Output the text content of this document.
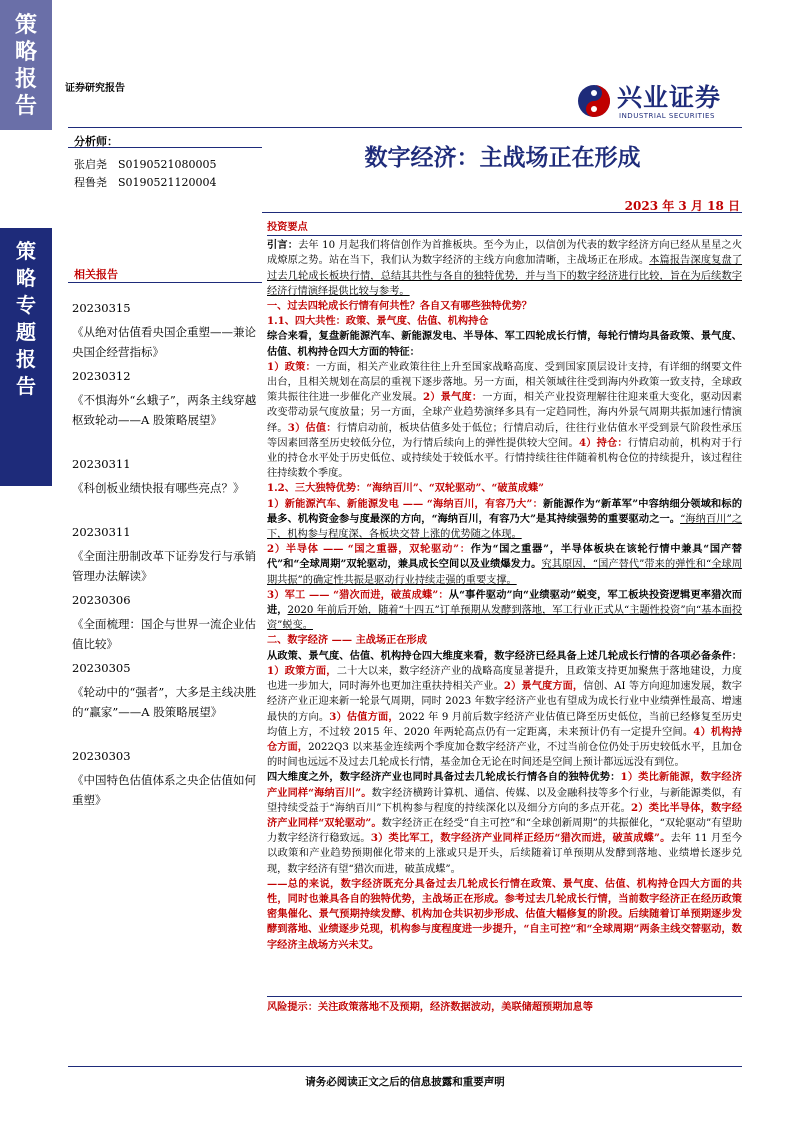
策
略
报
告
策
略
专
题
报
告
证券研究报告	兴业证券
INDUSTRIAL SECURITIES
分析师：
张启尧　S0190521080005
程鲁尧　S0190521120004
数字经济：主战场正在形成
2023 年 3 月 18 日
相关报告
20230315
《从绝对估值看央国企重塑——兼论央国企经营指标》
20230312
《不惧海外“幺蛾子”，两条主线穿越枢致轮动——A 股策略展望》
20230311
《科创板业绩快报有哪些亮点？》
20230311
《全面注册制改革下证券发行与承销管理办法解读》
20230306
《全面梳理：国企与世界一流企业估值比较》
20230305
《轮动中的“强者”，大多是主线决胜的“赢家”——A 股策略展望》
20230303
《中国特色估值体系之央企估值如何重塑》
投资要点

引言：去年 10 月起我们将信创作为首推板块。至今为止，以信创为代表的数字经济方向已经从星星之火成燎原之势。站在当下，我们认为数字经济的主线方向愈加清晰，主战场正在形成。本篇报告深度复盘了过去几轮成长板块行情，总结其共性与各自的独特优势，并与当下的数字经济进行比较，旨在为后续数字经济行情演绎提供比较与参考。

一、过去四轮成长行情有何共性？各自又有哪些独特优势？

1.1、四大共性：政策、景气度、估值、机构持仓

综合来看，复盘新能源汽车、新能源发电、半导体、军工四轮成长行情，每轮行情均具备政策、景气度、估值、机构持仓四大方面的特征：

1）政策：一方面，相关产业政策往往上升至国家战略高度、受到国家顶层设计支持，有详细的纲要文件出台，且相关规划在高层的重视下逐步落地。另一方面，相关领域往往受到海内外政策一致支持，全球政策共振往往进一步催化产业发展。2）景气度：一方面，相关产业投资理解往往迎来重大变化，驱动因素改变带动景气度放量；另一方面，全球产业趋势演绎多具有一定趋同性，海内外景气周期共振加速行情演绎。3）估值：行情启动前，板块估值多处于低位；行情启动后，往往行业估值水平受到景气阶段性承压等因素回落至历史较低分位，为行情后续向上的弹性提供较大空间。4）持仓：行情启动前，机构对于行业的持仓水平处于历史低位、或持续处于较低水平。行情持续往往伴随着机构仓位的持续提升，该过程往往持续数个季度。

1.2、三大独特优势：“海纳百川”、“双轮驱动”、“破茧成蝶”

1）新能源汽车、新能源发电 —— “海纳百川，有容乃大”：新能源作为“新革军”中容纳细分领域和标的最多、机构资金参与度最深的方向，“海纳百川，有容乃大”是其持续强势的重要驱动之一。“海纳百川”之下，机构参与程度深、各板块交替上涨的优势随之体现。

2）半导体 —— “国之重器，双轮驱动”：作为“国之重器”，半导体板块在该轮行情中兼具“国产替代”和“全球周期”双轮驱动，兼具成长空间以及业绩爆发力。究其原因，“国产替代”带来的弹性和“全球周期共振”的确定性共振是驱动行业持续走强的重要支撑。

3）军工 —— “猎次而进，破茧成蝶”：从“事件驱动”向“业绩驱动”蜕变，军工板块投资逻辑更率猎次而进，2020 年前后开始，随着“十四五”订单预期从发酵到落地，军工行业正式从“主题性投资”向“基本面投资”蜕变。

二、数字经济 —— 主战场正在形成

从政策、景气度、估值、机构持仓四大维度来看，数字经济已经具备上述几轮成长行情的各项必备条件：1）政策方面，二十大以来，数字经济产业的战略高度显著提升，且政策支持更加聚焦于落地建设，力度也进一步加大，同时海外也更加注重扶持相关产业。2）景气度方面，信创、AI 等方向迎加速发展，数字经济产业正迎来新一轮景气周期，同时 2023 年数字经济产业也有望成为成长行业中业绩弹性最高、增速最快的方向。3）估值方面，2022 年 9 月前后数字经济产业估值已降至历史低位，当前已经修复至历史均值上方，不过较 2015 年、2020 年两轮高点仍有一定距离，未来预计仍有一定提升空间。4）机构持仓方面，2022Q3 以来基金连续两个季度加仓数字经济产业，不过当前仓位仍处于历史较低水平，且加仓的时间也远远不及过去几轮成长行情，基金加仓无论在时间还是空间上预计都远远没有到位。

四大维度之外，数字经济产业也同时具备过去几轮成长行情各自的独特优势：1）类比新能源，数字经济产业同样“海纳百川”。数字经济横跨计算机、通信、传媒、以及金融科技等多个行业，与新能源类似，有望持续受益于“海纳百川”下机构参与程度的持续深化以及细分方向的多点开花。2）类比半导体，数字经济产业同样“双轮驱动”。数字经济正在经受“自主可控”和“全球创新周期”的共振催化，“双轮驱动”有望助力数字经济行稳致远。3）类比军工，数字经济产业同样正经历“猎次而进，破茧成蝶”。去年 11 月至今以政策和产业趋势预期催化带来的上涨或只是开头，后续随着订单预期从发酵到落地、业绩增长逐步兑现，数字经济有望“猎次而进，破茧成蝶”。

——总的来说，数字经济既充分具备过去几轮成长行情在政策、景气度、估值、机构持仓四大方面的共性，同时也兼具各自的独特优势，主战场正在形成。参考过去几轮成长行情，当前数字经济正在经历政策密集催化、景气预期持续发酵、机构加仓共识初步形成、估值大幅修复的阶段。后续随着订单预期逐步发酵到落地、业绩逐步兑现，机构参与度程度进一步提升，“自主可控”和“全球周期”两条主线交替驱动，数字经济主战场方兴未艾。

风险提示：关注政策落地不及预期，经济数据波动，美联储超预期加息等
请务必阅读正文之后的信息披露和重要声明
